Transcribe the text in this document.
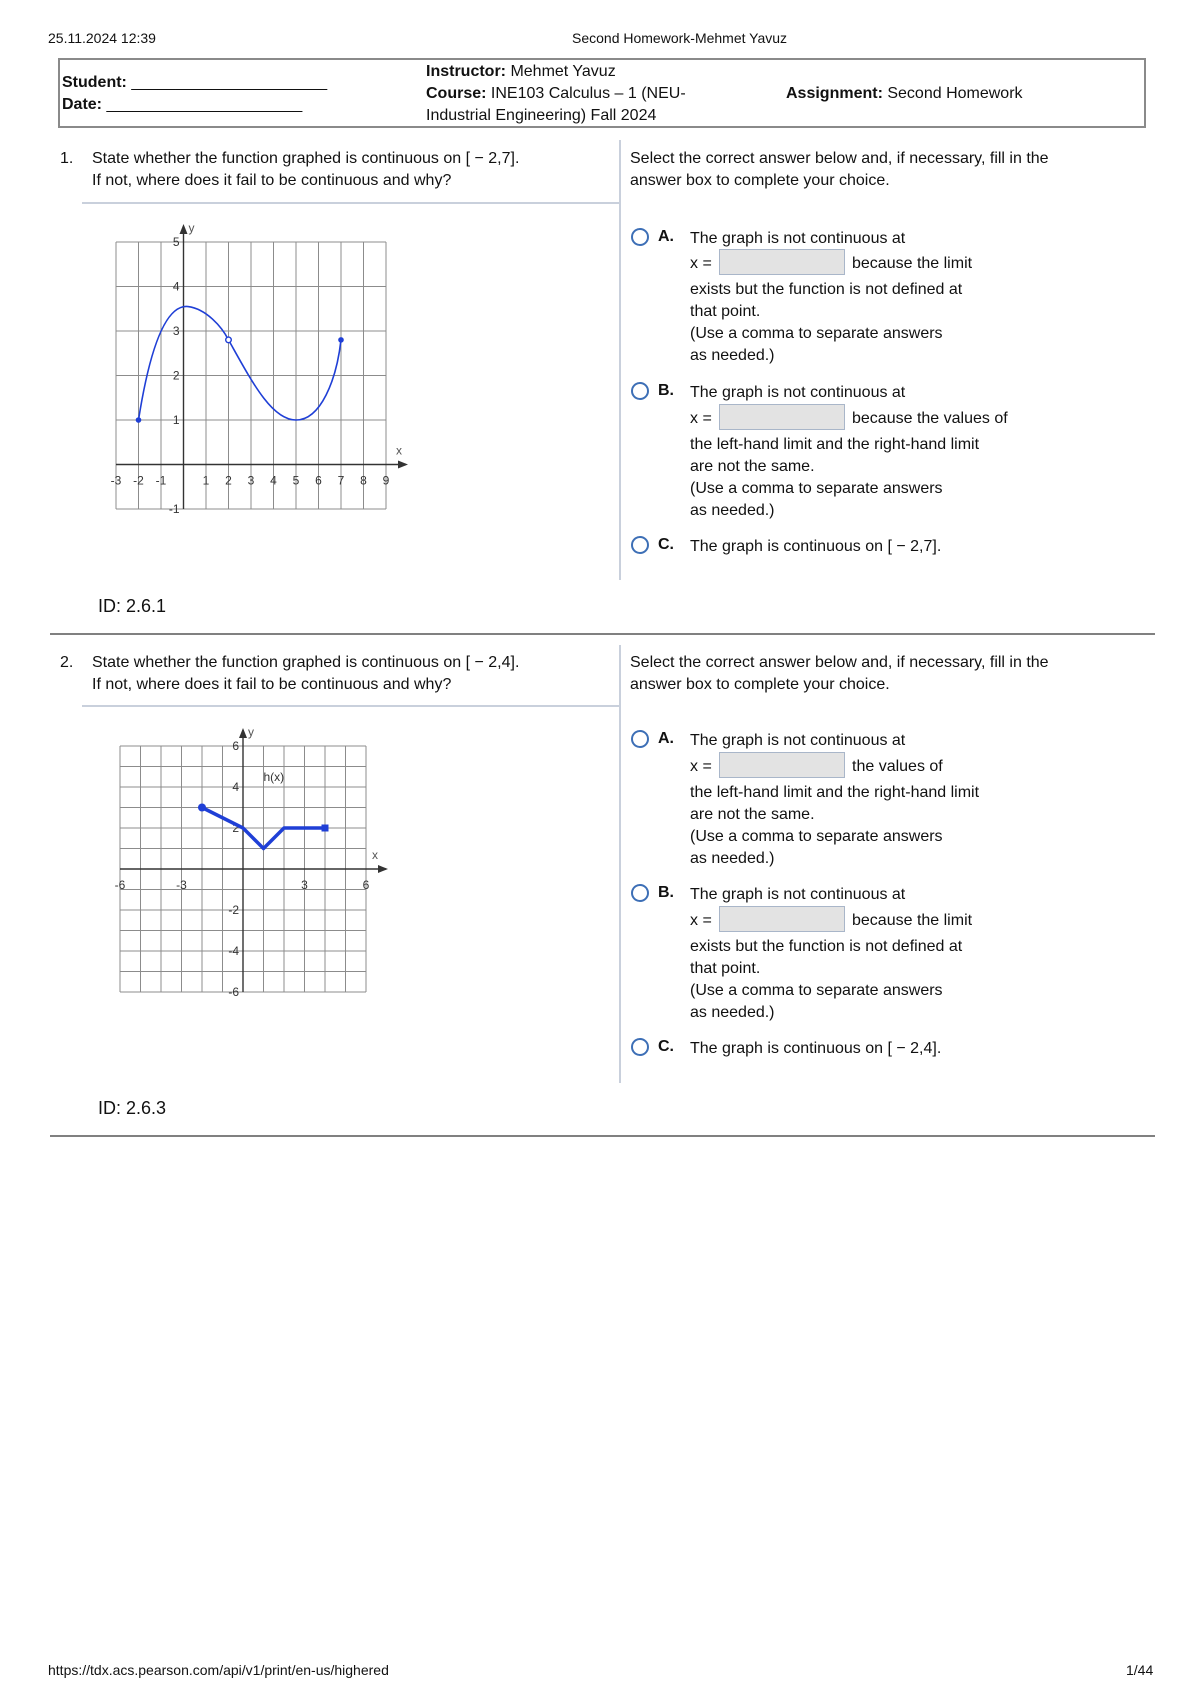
25.11.2024 12:39	Second Homework-Mehmet Yavuz
Student: ______________________
Date: ______________________
Instructor: Mehmet Yavuz
Course: INE103 Calculus – 1 (NEU-
Industrial Engineering) Fall 2024
Assignment: Second Homework
1. State whether the function graphed is continuous on [ − 2,7].
If not, where does it fail to be continuous and why?
Select the correct answer below and, if necessary, fill in the
answer box to complete your choice.
-3 -2 -1	1 2 3 4 5 6 7 8 9
5
4
3
2
1
-1
x
y	A. The graph is not continuous at
x =	because the limit
exists but the function is not defined at
that point.
(Use a comma to separate answers
as needed.)
B. The graph is not continuous at
x =	because the values of
the left-hand limit and the right-hand limit
are not the same.
(Use a comma to separate answers
as needed.)
C. The graph is continuous on [ − 2,7].
ID: 2.6.1
2. State whether the function graphed is continuous on [ − 2,4].
If not, where does it fail to be continuous and why?
Select the correct answer below and, if necessary, fill in the
answer box to complete your choice.
-6	-3	3	6
6
4
2
-2
-4
-6
h(x)
x
y	A. The graph is not continuous at
x =	the values of
the left-hand limit and the right-hand limit
are not the same.
(Use a comma to separate answers
as needed.)
B. The graph is not continuous at
x =	because the limit
exists but the function is not defined at
that point.
(Use a comma to separate answers
as needed.)
C. The graph is continuous on [ − 2,4].
ID: 2.6.3
https://tdx.acs.pearson.com/api/v1/print/en-us/highered	1/44
